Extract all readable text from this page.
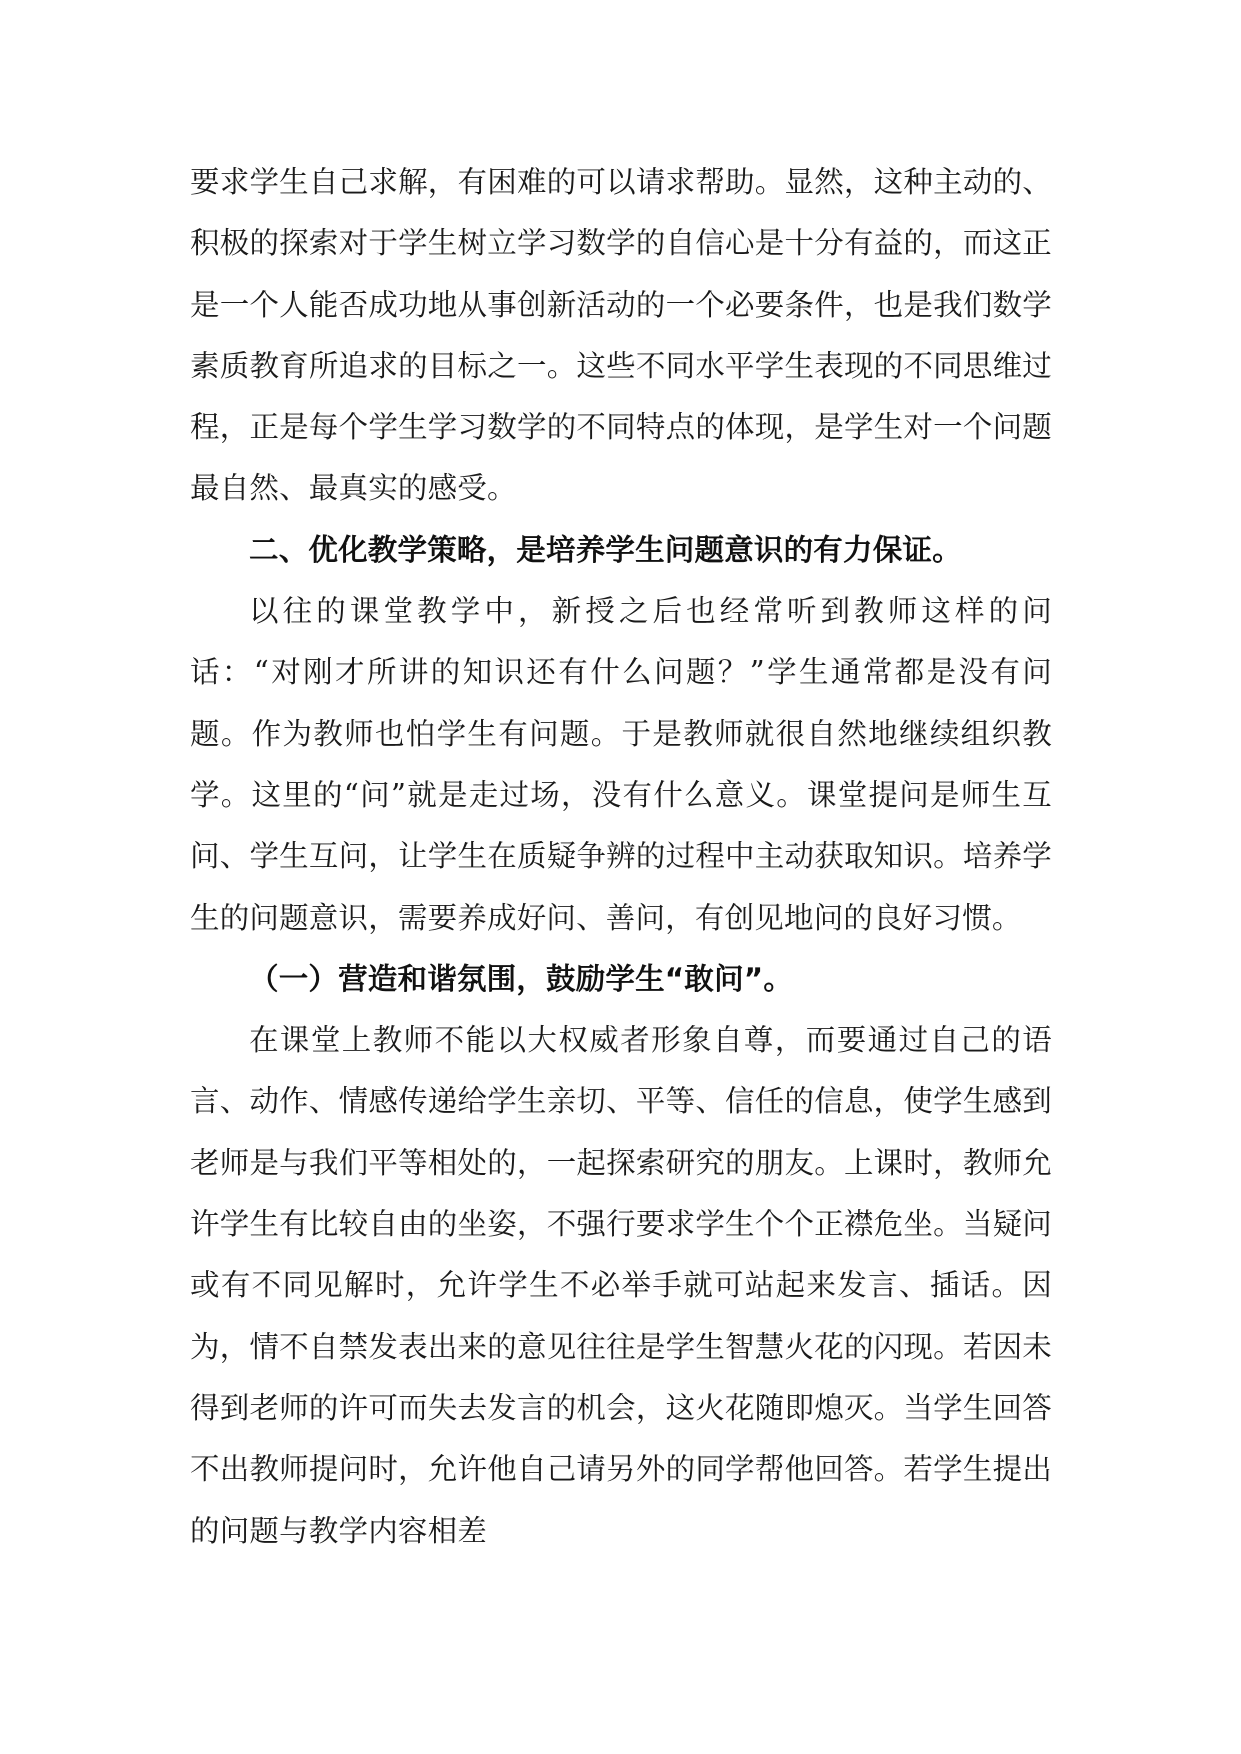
要求学生自己求解，有困难的可以请求帮助。显然，这种主动的、积极的探索对于学生树立学习数学的自信心是十分有益的，而这正是一个人能否成功地从事创新活动的一个必要条件，也是我们数学素质教育所追求的目标之一。这些不同水平学生表现的不同思维过程，正是每个学生学习数学的不同特点的体现，是学生对一个问题最自然、最真实的感受。

二、优化教学策略，是培养学生问题意识的有力保证。

以往的课堂教学中，新授之后也经常听到教师这样的问话：“对刚才所讲的知识还有什么问题？”学生通常都是没有问题。作为教师也怕学生有问题。于是教师就很自然地继续组织教学。这里的“问”就是走过场，没有什么意义。课堂提问是师生互问、学生互问，让学生在质疑争辨的过程中主动获取知识。培养学生的问题意识，需要养成好问、善问，有创见地问的良好习惯。

（一）营造和谐氛围，鼓励学生“敢问”。

在课堂上教师不能以大权威者形象自尊，而要通过自己的语言、动作、情感传递给学生亲切、平等、信任的信息，使学生感到老师是与我们平等相处的，一起探索研究的朋友。上课时，教师允许学生有比较自由的坐姿，不强行要求学生个个正襟危坐。当疑问或有不同见解时，允许学生不必举手就可站起来发言、插话。因为，情不自禁发表出来的意见往往是学生智慧火花的闪现。若因未得到老师的许可而失去发言的机会，这火花随即熄灭。当学生回答不出教师提问时，允许他自己请另外的同学帮他回答。若学生提出的问题与教学内容相差
